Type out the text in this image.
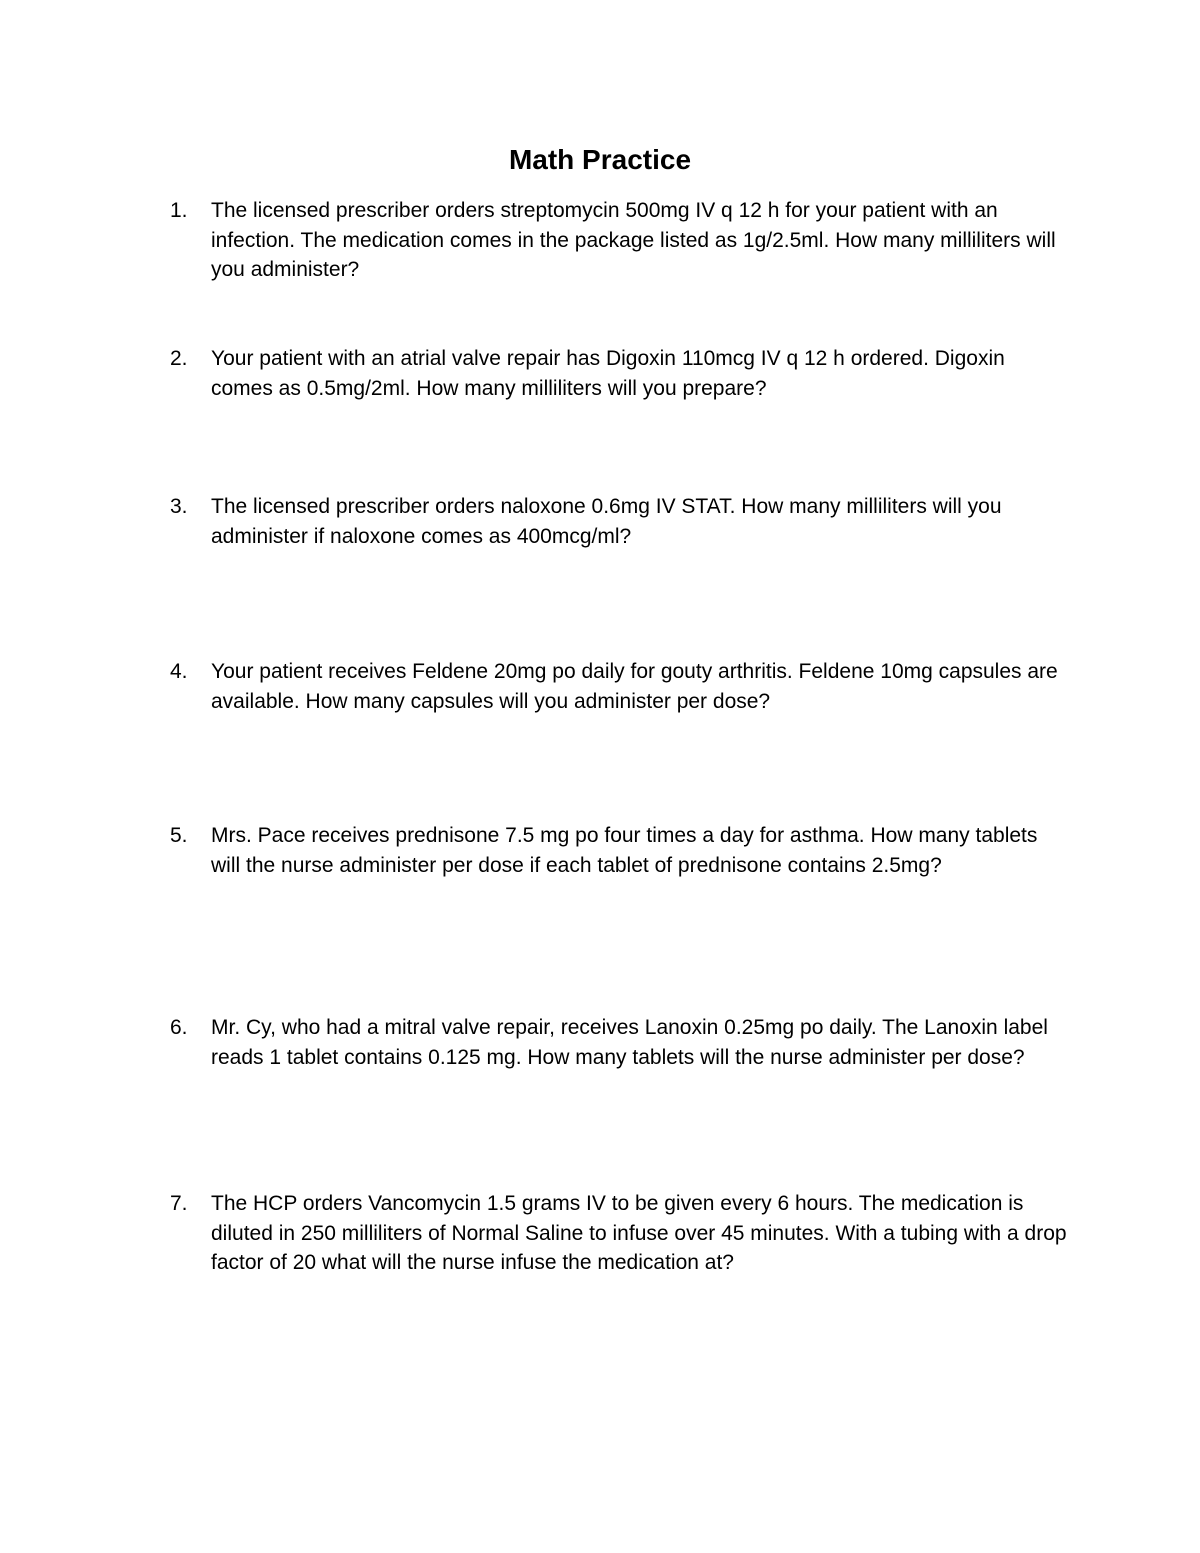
Math Practice
1.	The licensed prescriber orders streptomycin 500mg IV q 12 h for your patient with an infection. The medication comes in the package listed as 1g/2.5ml. How many milliliters will you administer?
2.	Your patient with an atrial valve repair has Digoxin 110mcg IV q 12 h ordered. Digoxin comes as 0.5mg/2ml. How many milliliters will you prepare?
3.	The licensed prescriber orders naloxone 0.6mg IV STAT. How many milliliters will you administer if naloxone comes as 400mcg/ml?
4.	Your patient receives Feldene 20mg po daily for gouty arthritis. Feldene 10mg capsules are available. How many capsules will you administer per dose?
5.	Mrs. Pace receives prednisone 7.5 mg po four times a day for asthma. How many tablets will the nurse administer per dose if each tablet of prednisone contains 2.5mg?
6.	Mr. Cy, who had a mitral valve repair, receives Lanoxin 0.25mg po daily. The Lanoxin label reads 1 tablet contains 0.125 mg. How many tablets will the nurse administer per dose?
7.	The HCP orders Vancomycin 1.5 grams IV to be given every 6 hours. The medication is diluted in 250 milliliters of Normal Saline to infuse over 45 minutes. With a tubing with a drop factor of 20 what will the nurse infuse the medication at?
